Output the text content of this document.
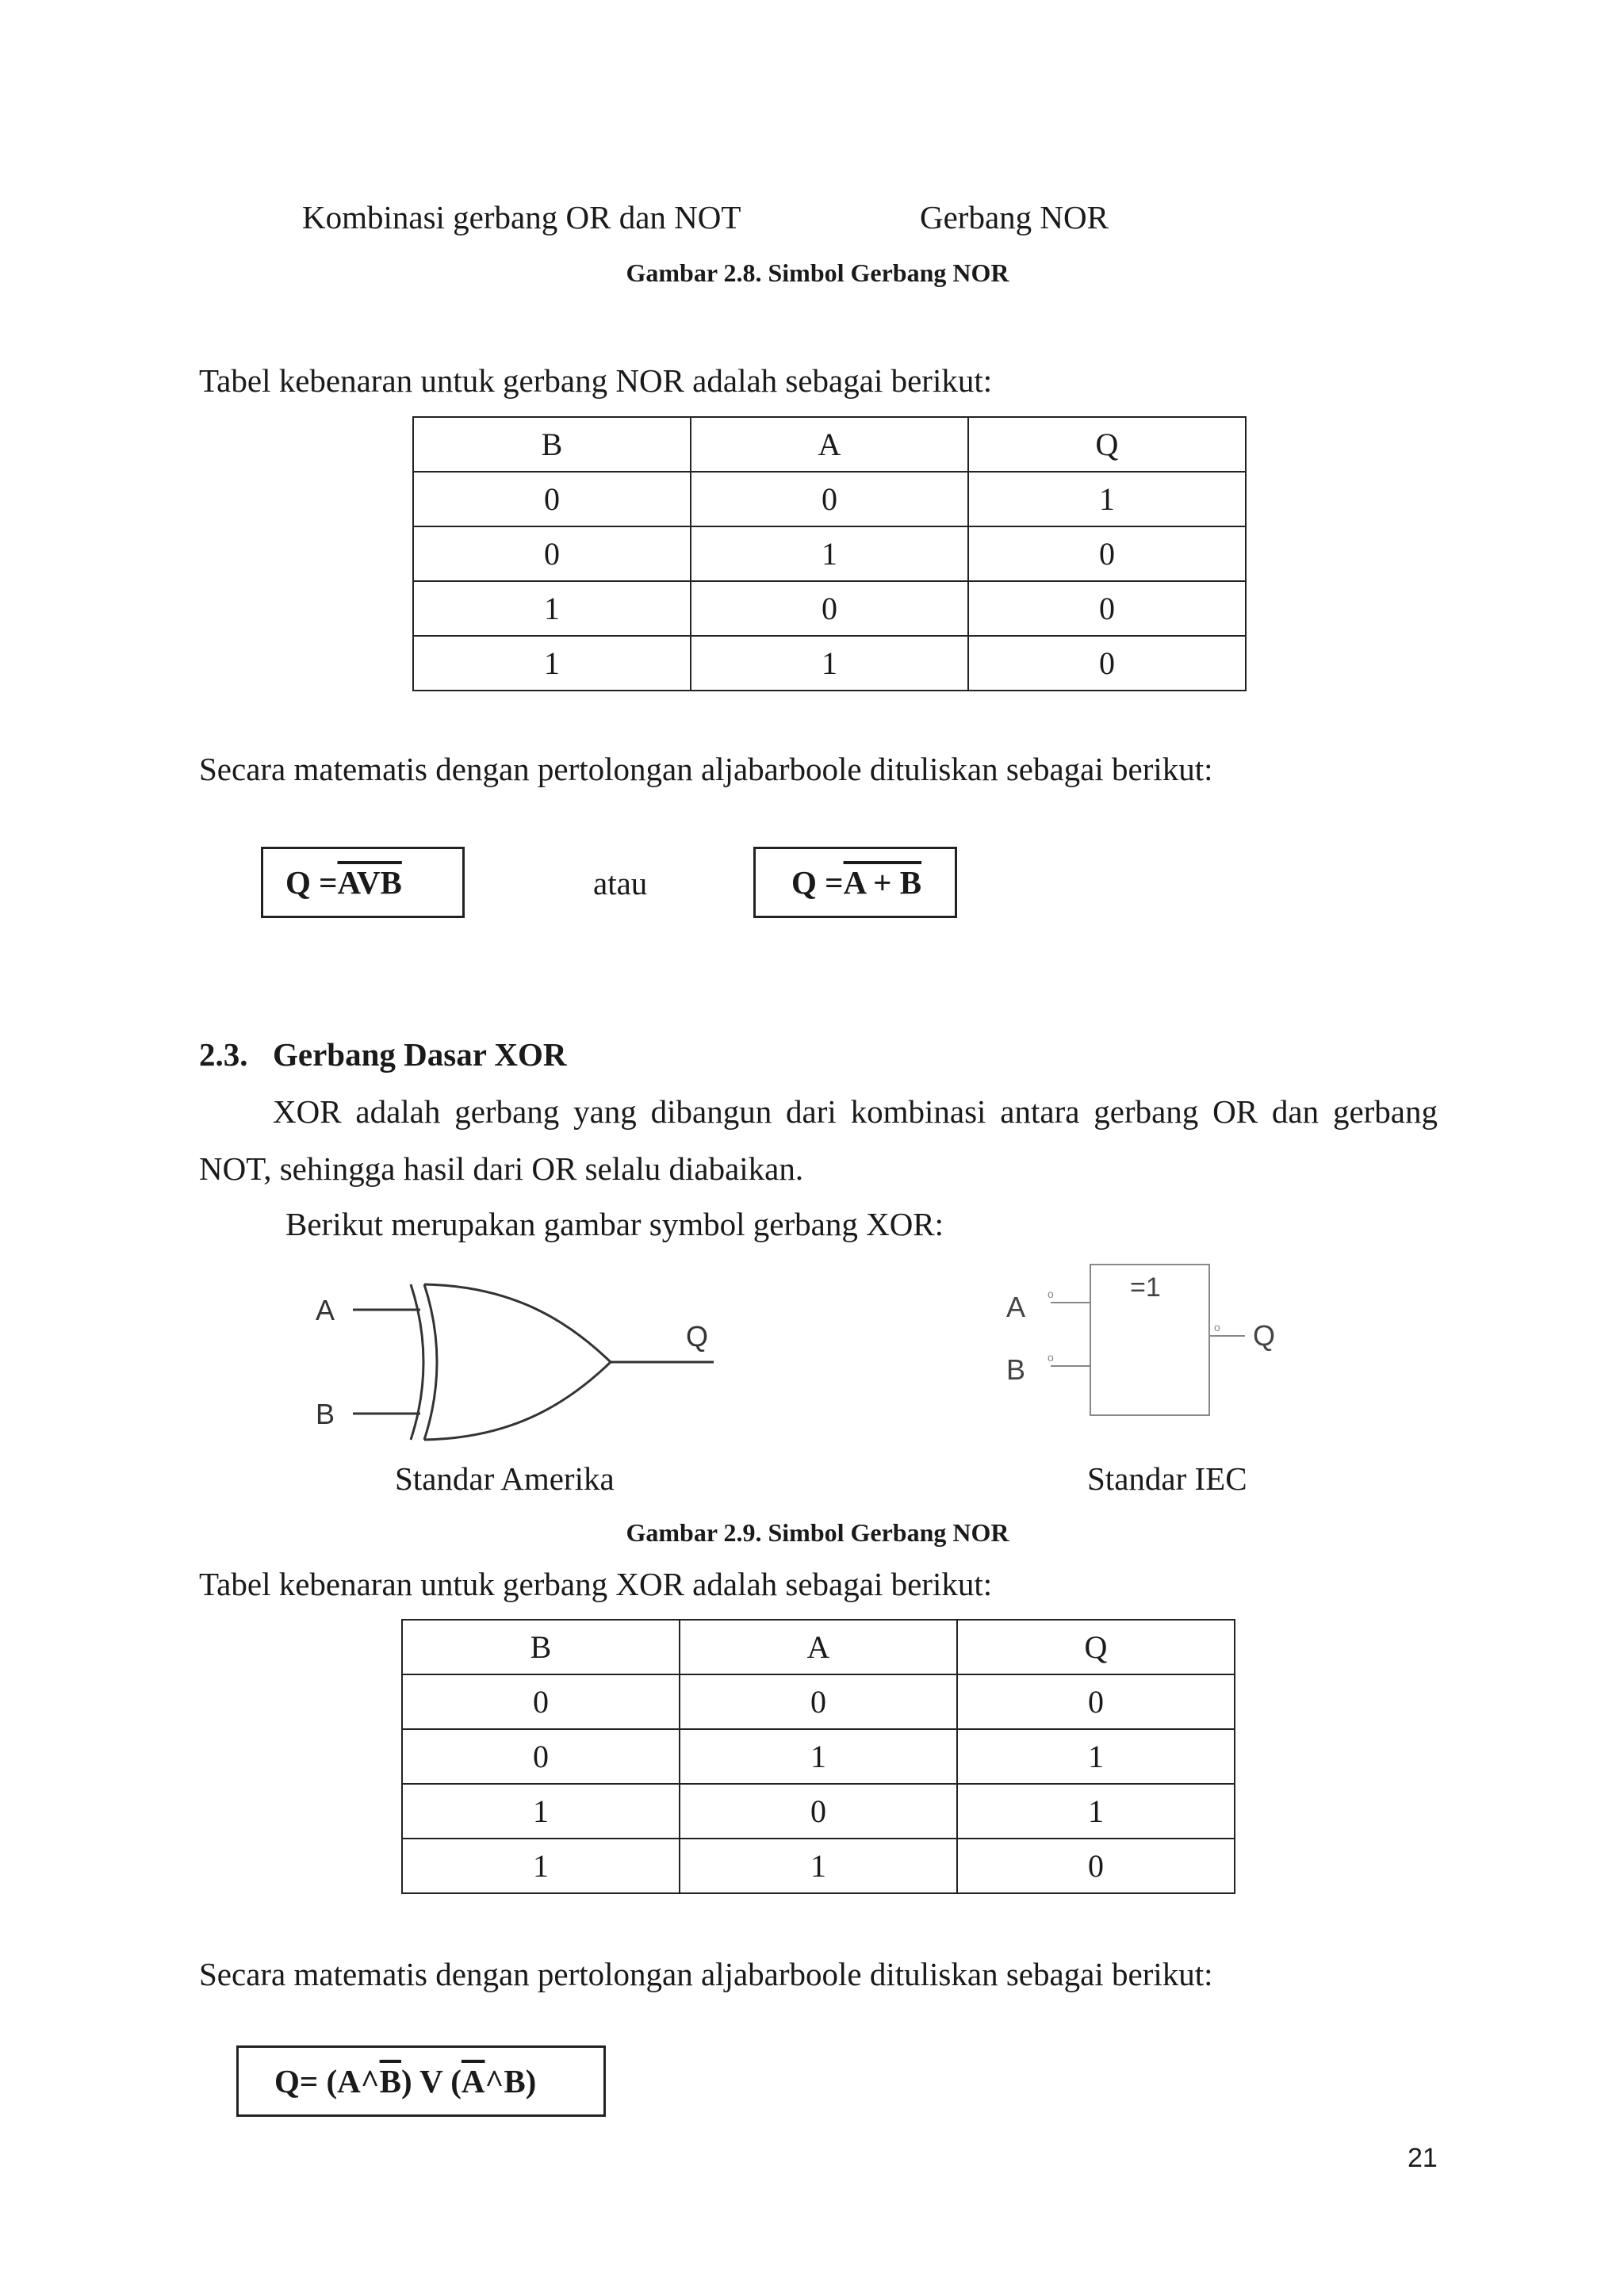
Kombinasi gerbang OR dan NOT	Gerbang NOR
Gambar 2.8. Simbol Gerbang NOR
Tabel kebenaran untuk gerbang NOR adalah sebagai berikut:
B	A	Q
0	0	1
0	1	0
1	0	0
1	1	0
Secara matematis dengan pertolongan aljabarboole dituliskan sebagai berikut:
$Q = \overline{AVB}$	atau	Q = A + B
2.3. Gerbang Dasar XOR
XOR adalah gerbang yang dibangun dari kombinasi antara gerbang OR dan gerbang NOT, sehingga hasil dari OR selalu diabaikan.
Berikut merupakan gambar symbol gerbang XOR:
A
B
Q
o
o
o
A
B
Q
=1
Standar Amerika	Standar IEC
Gambar 2.9. Simbol Gerbang NOR
Tabel kebenaran untuk gerbang XOR adalah sebagai berikut:
B	A	Q
0	0	0
0	1	1
1	0	1
1	1	0
Secara matematis dengan pertolongan aljabarboole dituliskan sebagai berikut:
Q= (A^ $\overline{B}$ ) V ( $\overline{A}$ ^B)
21
